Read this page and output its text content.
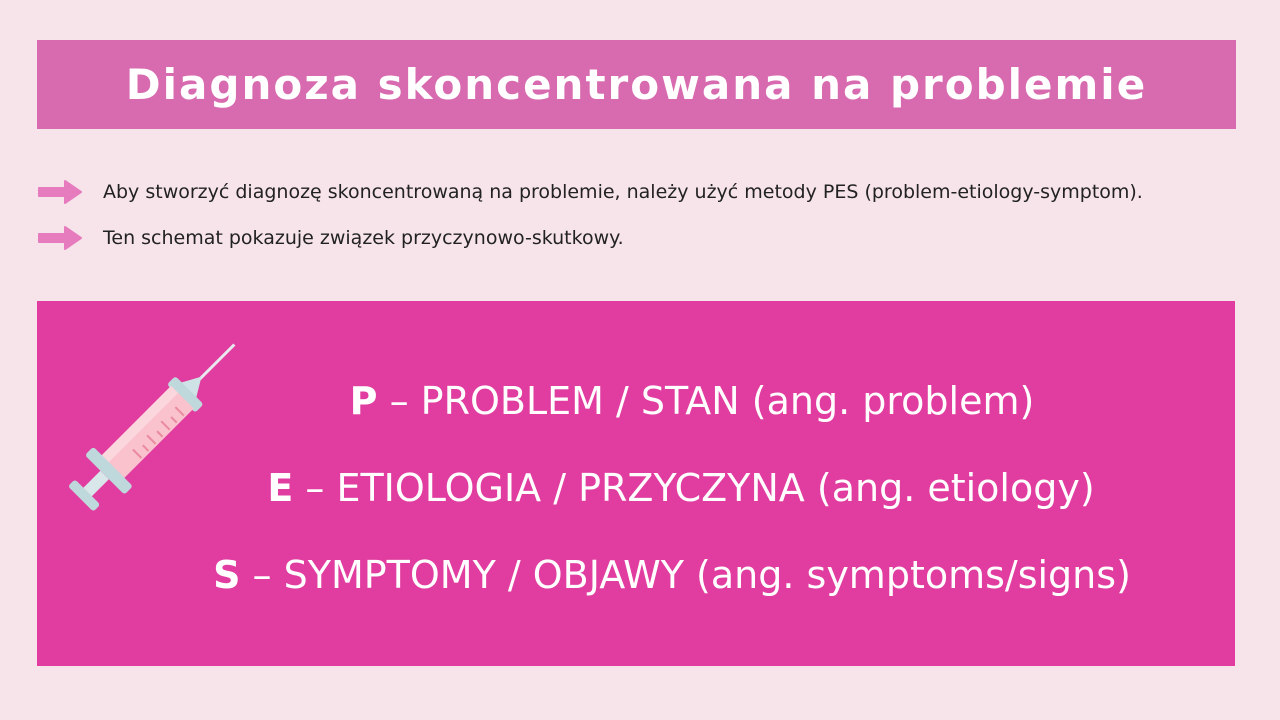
Diagnoza skoncentrowana na problemie
Aby stworzyć diagnozę skoncentrowaną na problemie, należy użyć metody PES (problem-etiology-symptom).
Ten schemat pokazuje związek przyczynowo-skutkowy.
P – PROBLEM / STAN (ang. problem)
E – ETIOLOGIA / PRZYCZYNA (ang. etiology)
S – SYMPTOMY / OBJAWY (ang. symptoms/signs)
